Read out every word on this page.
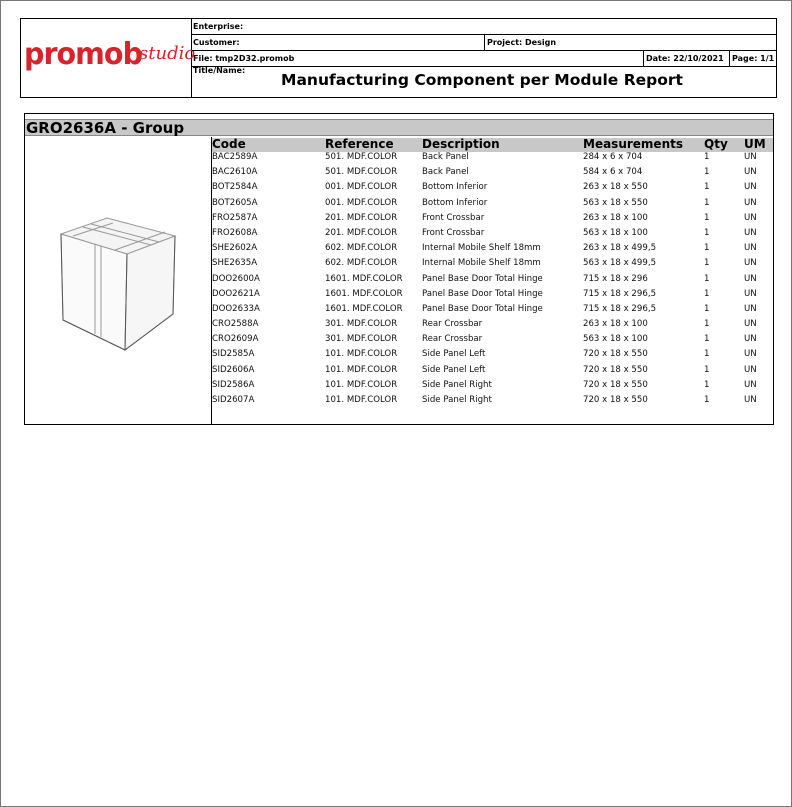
promob
studio
Enterprise:
Customer:	Project: Design
File: tmp2D32.promob	Date: 22/10/2021	Page: 1/1
Title/Name:
Manufacturing Component per Module Report
GRO2636A - Group
Code	Reference	Description	Measurements	Qty	UM
BAC2589A	501. MDF.COLOR	Back Panel	284 x 6 x 704	1	UN
BAC2610A	501. MDF.COLOR	Back Panel	584 x 6 x 704	1	UN
BOT2584A	001. MDF.COLOR	Bottom Inferior	263 x 18 x 550	1	UN
BOT2605A	001. MDF.COLOR	Bottom Inferior	563 x 18 x 550	1	UN
FRO2587A	201. MDF.COLOR	Front Crossbar	263 x 18 x 100	1	UN
FRO2608A	201. MDF.COLOR	Front Crossbar	563 x 18 x 100	1	UN
SHE2602A	602. MDF.COLOR	Internal Mobile Shelf 18mm	263 x 18 x 499,5	1	UN
SHE2635A	602. MDF.COLOR	Internal Mobile Shelf 18mm	563 x 18 x 499,5	1	UN
DOO2600A	1601. MDF.COLOR	Panel Base Door Total Hinge	715 x 18 x 296	1	UN
DOO2621A	1601. MDF.COLOR	Panel Base Door Total Hinge	715 x 18 x 296,5	1	UN
DOO2633A	1601. MDF.COLOR	Panel Base Door Total Hinge	715 x 18 x 296,5	1	UN
CRO2588A	301. MDF.COLOR	Rear Crossbar	263 x 18 x 100	1	UN
CRO2609A	301. MDF.COLOR	Rear Crossbar	563 x 18 x 100	1	UN
SID2585A	101. MDF.COLOR	Side Panel Left	720 x 18 x 550	1	UN
SID2606A	101. MDF.COLOR	Side Panel Left	720 x 18 x 550	1	UN
SID2586A	101. MDF.COLOR	Side Panel Right	720 x 18 x 550	1	UN
SID2607A	101. MDF.COLOR	Side Panel Right	720 x 18 x 550	1	UN
